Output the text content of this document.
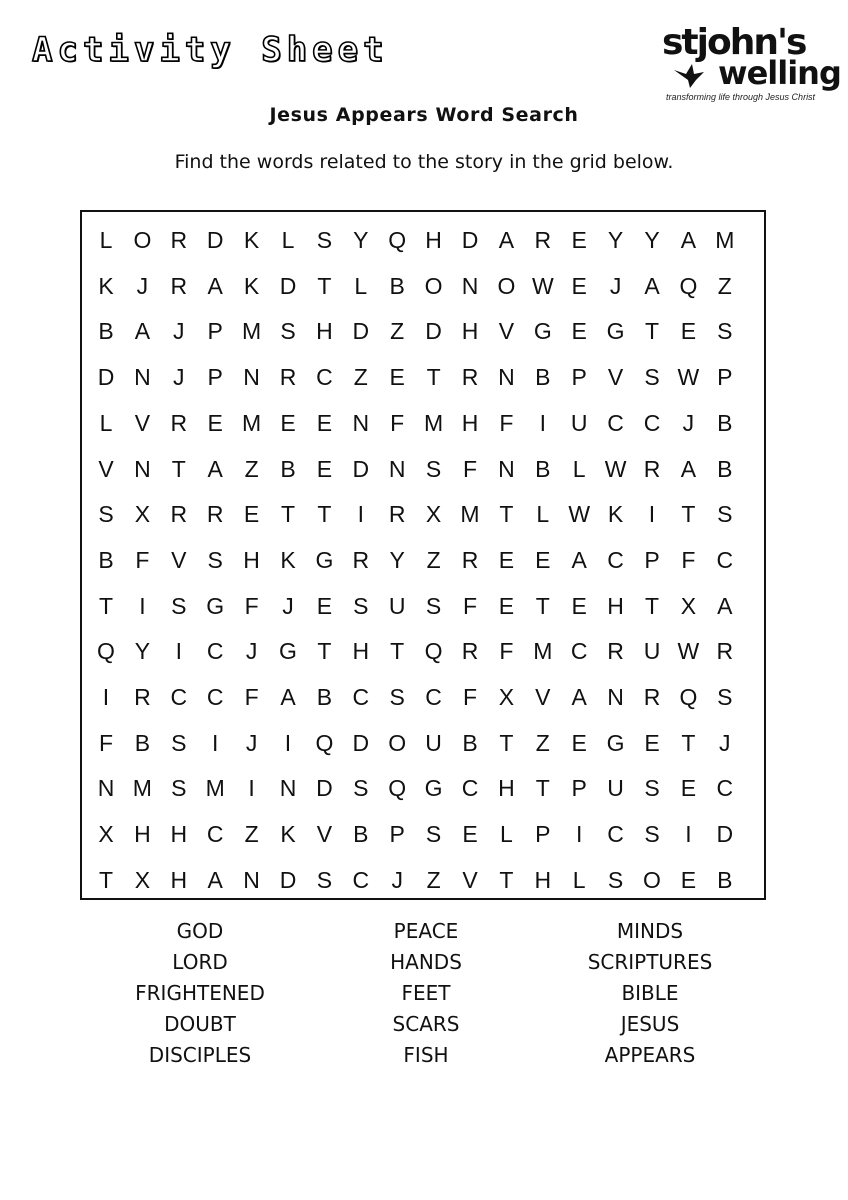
Activity Sheet	stjohn's
welling
transforming life through Jesus Christ
Jesus Appears Word Search
Find the words related to the story in the grid below.
L O R D K L S Y Q H D A R E Y Y A M
K J R A K D T L B O N O W E J A Q Z
B A J P M S H D Z D H V G E G T E S
D N J P N R C Z E T R N B P V S W P
L V R E M E E N F M H F	I	U C C J B
V N T A Z B E D N S F N B L W R A B
S X R R E T T	I	R X M T L W K	I	T S
B F V S H K G R Y Z R E E A C P F C
T	I	S G F	J E S U S F E T E H T X A
Q Y	I	C J G T H T Q R F M C R U W R
I	R C C F A B C S C F X V A N R Q S
F B S	I	J	I	Q D O U B T Z E G E T	J
N M S M	I	N D S Q G C H T P U S E C
X H H C Z K V B P S E L P	I	C S	I	D
T X H A N D S C J	Z V T H L S O E B
GOD
LORD
FRIGHTENED
DOUBT
DISCIPLES
PEACE
HANDS
FEET
SCARS
FISH
MINDS
SCRIPTURES
BIBLE
JESUS
APPEARS
